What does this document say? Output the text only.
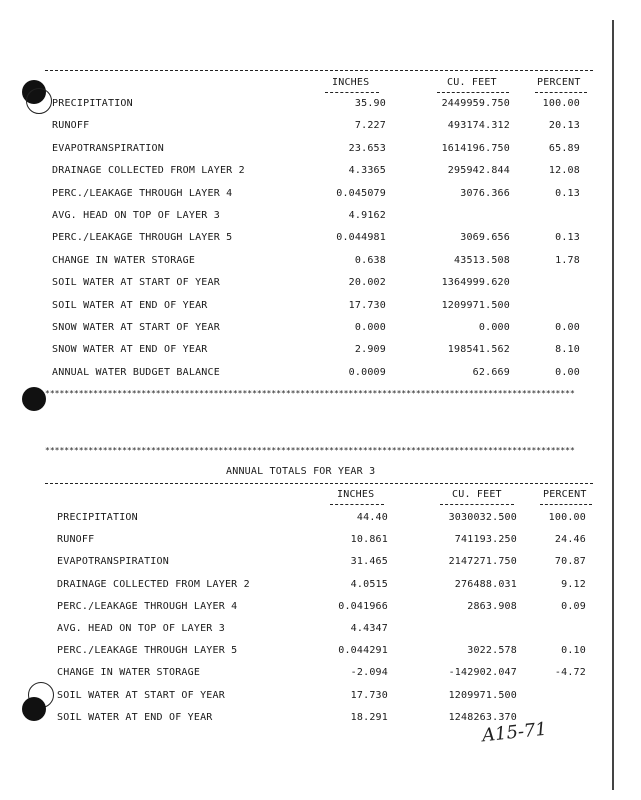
INCHES	CU. FEET	PERCENT
PRECIPITATION	35.90	2449959.750	100.00
RUNOFF	7.227	493174.312	20.13
EVAPOTRANSPIRATION	23.653	1614196.750	65.89
DRAINAGE COLLECTED FROM LAYER 2	4.3365	295942.844	12.08
PERC./LEAKAGE THROUGH LAYER 4	0.045079	3076.366	0.13
AVG. HEAD ON TOP OF LAYER 3	4.9162
PERC./LEAKAGE THROUGH LAYER 5	0.044981	3069.656	0.13
CHANGE IN WATER STORAGE	0.638	43513.508	1.78
SOIL WATER AT START OF YEAR	20.002	1364999.620
SOIL WATER AT END OF YEAR	17.730	1209971.500
SNOW WATER AT START OF YEAR	0.000	0.000	0.00
SNOW WATER AT END OF YEAR	2.909	198541.562	8.10
ANNUAL WATER BUDGET BALANCE	0.0009	62.669	0.00
**************************************************************************************************************
**************************************************************************************************************
ANNUAL TOTALS FOR YEAR 3
INCHES	CU. FEET	PERCENT
PRECIPITATION	44.40	3030032.500	100.00
RUNOFF	10.861	741193.250	24.46
EVAPOTRANSPIRATION	31.465	2147271.750	70.87
DRAINAGE COLLECTED FROM LAYER 2	4.0515	276488.031	9.12
PERC./LEAKAGE THROUGH LAYER 4	0.041966	2863.908	0.09
AVG. HEAD ON TOP OF LAYER 3	4.4347
PERC./LEAKAGE THROUGH LAYER 5	0.044291	3022.578	0.10
CHANGE IN WATER STORAGE	-2.094	-142902.047	-4.72
SOIL WATER AT START OF YEAR	17.730	1209971.500
SOIL WATER AT END OF YEAR	18.291	1248263.370
A15-71
